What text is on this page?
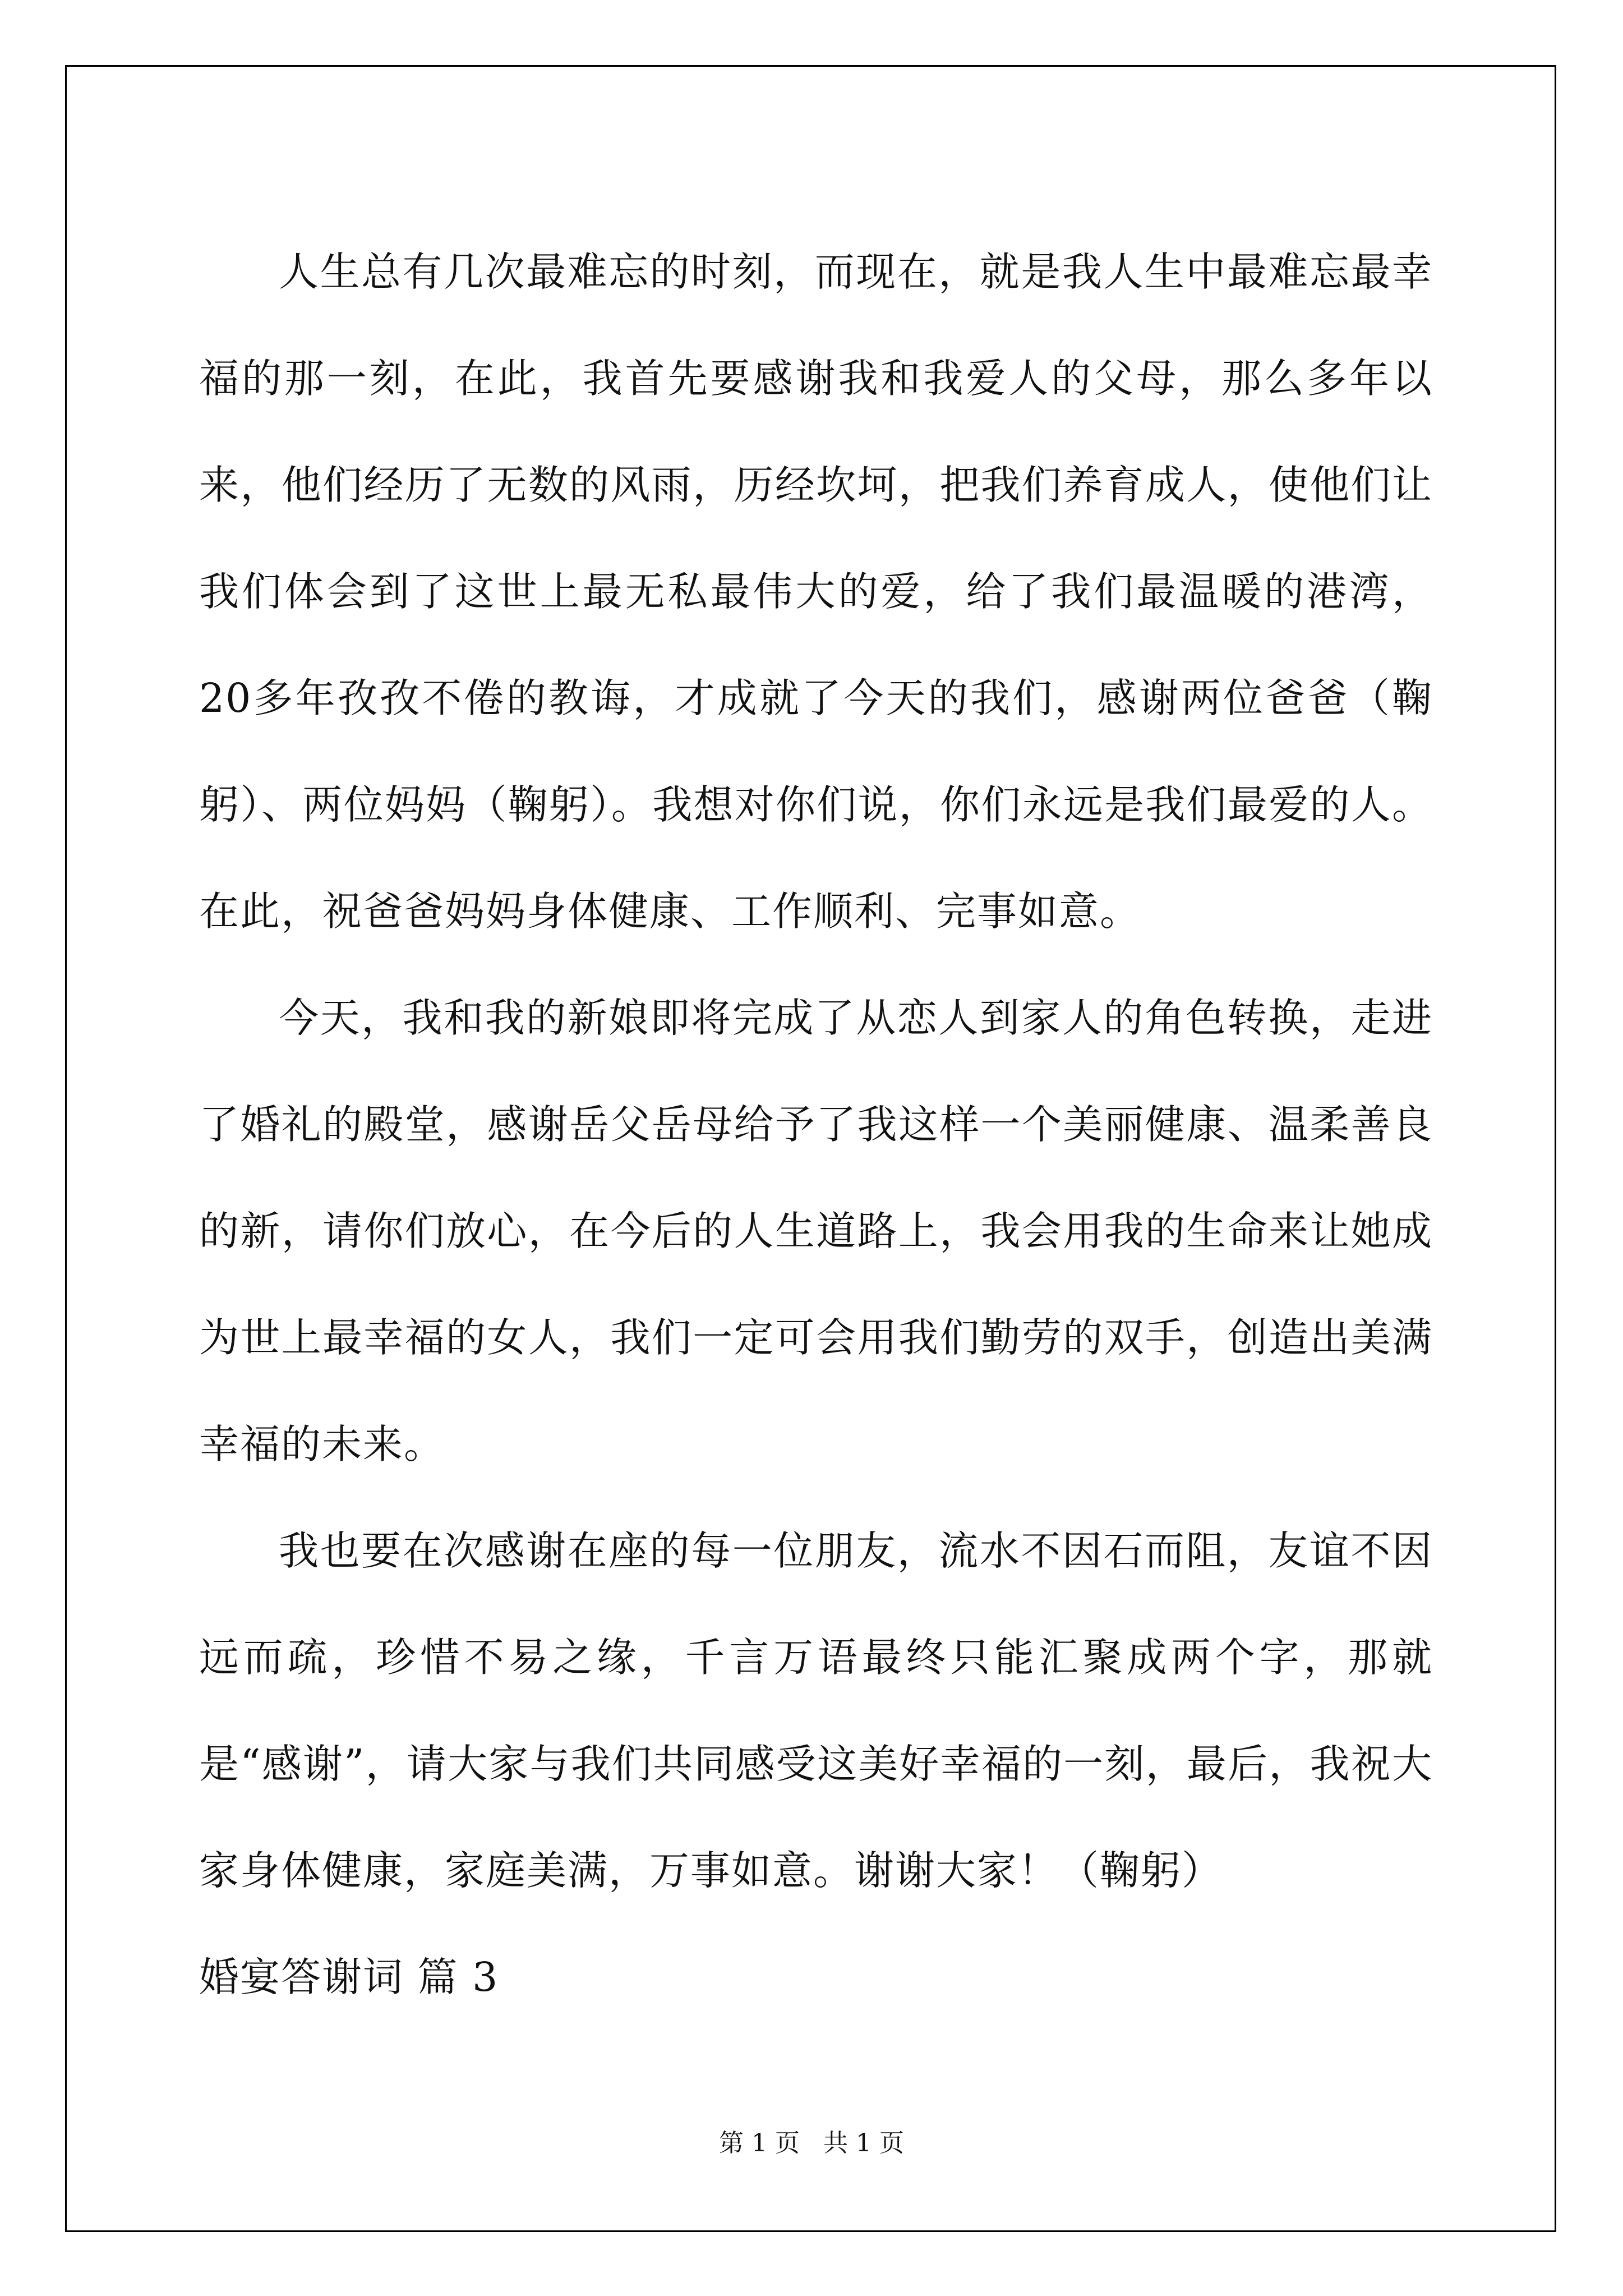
人生总有几次最难忘的时刻，而现在，就是我人生中最难忘最幸福的那一刻，在此，我首先要感谢我和我爱人的父母，那么多年以来，他们经历了无数的风雨，历经坎坷，把我们养育成人，使他们让我们体会到了这世上最无私最伟大的爱，给了我们最温暖的港湾，20多年孜孜不倦的教诲，才成就了今天的我们，感谢两位爸爸（鞠躬）、两位妈妈（鞠躬）。我想对你们说，你们永远是我们最爱的人。在此，祝爸爸妈妈身体健康、工作顺利、完事如意。

今天，我和我的新娘即将完成了从恋人到家人的角色转换，走进了婚礼的殿堂，感谢岳父岳母给予了我这样一个美丽健康、温柔善良的新，请你们放心，在今后的人生道路上，我会用我的生命来让她成为世上最幸福的女人，我们一定可会用我们勤劳的双手，创造出美满幸福的未来。

我也要在次感谢在座的每一位朋友，流水不因石而阻，友谊不因远而疏，珍惜不易之缘，千言万语最终只能汇聚成两个字，那就是“感谢”，请大家与我们共同感受这美好幸福的一刻，最后，我祝大家身体健康，家庭美满，万事如意。谢谢大家！（鞠躬）

婚宴答谢词 篇 3

第 1 页   共 1 页
